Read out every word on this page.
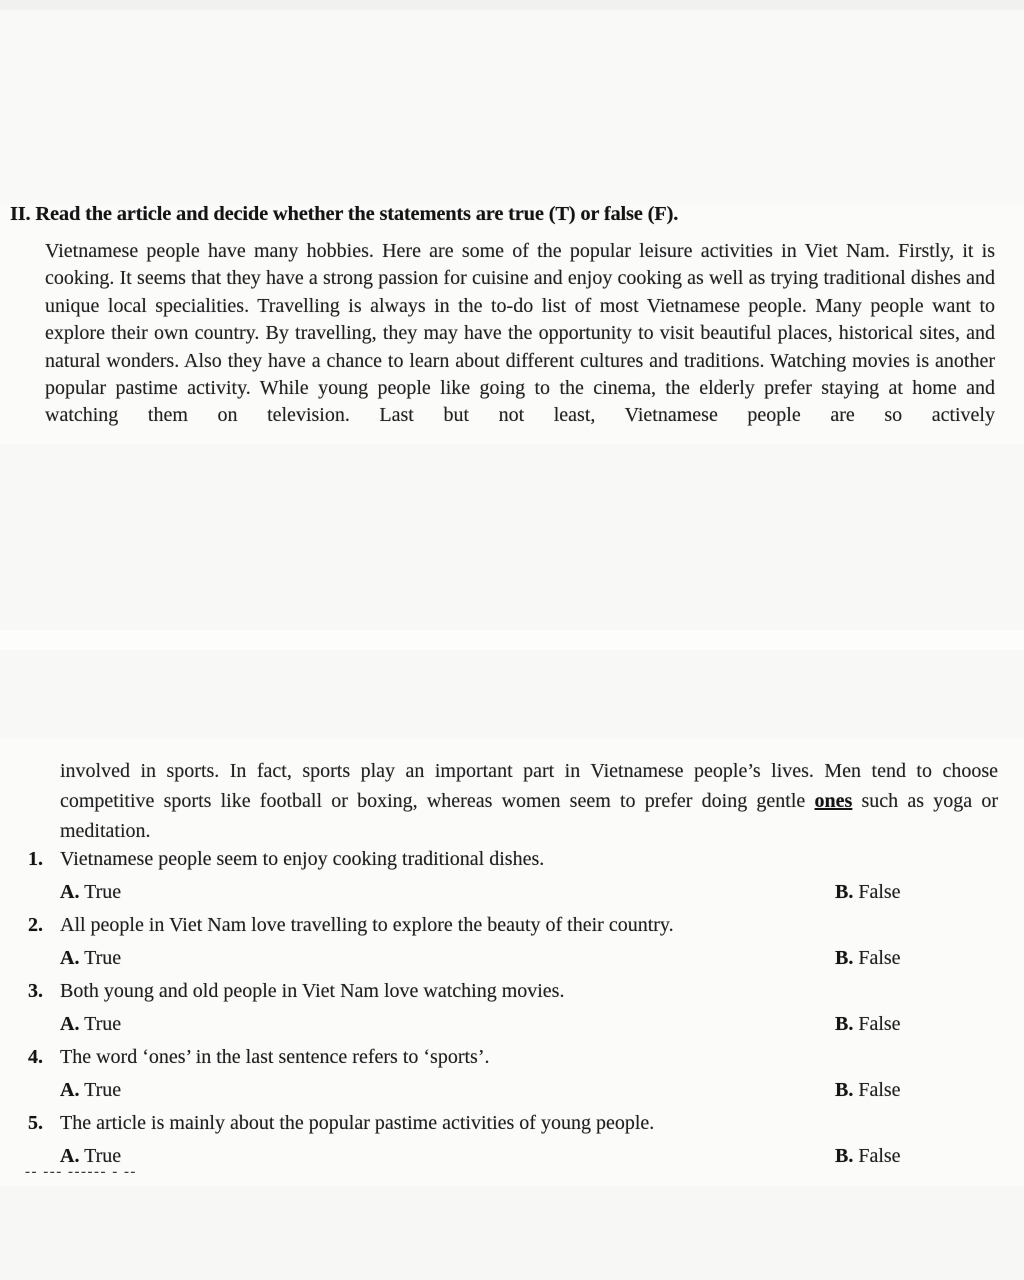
II. Read the article and decide whether the statements are true (T) or false (F).
Vietnamese people have many hobbies. Here are some of the popular leisure activities in Viet Nam. Firstly, it is cooking. It seems that they have a strong passion for cuisine and enjoy cooking as well as trying traditional dishes and unique local specialities. Travelling is always in the to-do list of most Vietnamese people. Many people want to explore their own country. By travelling, they may have the opportunity to visit beautiful places, historical sites, and natural wonders. Also they have a chance to learn about different cultures and traditions. Watching movies is another popular pastime activity. While young people like going to the cinema, the elderly prefer staying at home and watching them on television. Last but not least, Vietnamese people are so actively
involved in sports. In fact, sports play an important part in Vietnamese people’s lives. Men tend to choose competitive sports like football or boxing, whereas women seem to prefer doing gentle ones such as yoga or meditation.
1. Vietnamese people seem to enjoy cooking traditional dishes.
A. True	B. False
2. All people in Viet Nam love travelling to explore the beauty of their country.
A. True	B. False
3. Both young and old people in Viet Nam love watching movies.
A. True	B. False
4. The word ‘ones’ in the last sentence refers to ‘sports’.
A. True	B. False
5. The article is mainly about the popular pastime activities of young people.
A. True	B. False
-- --- ------ - --
